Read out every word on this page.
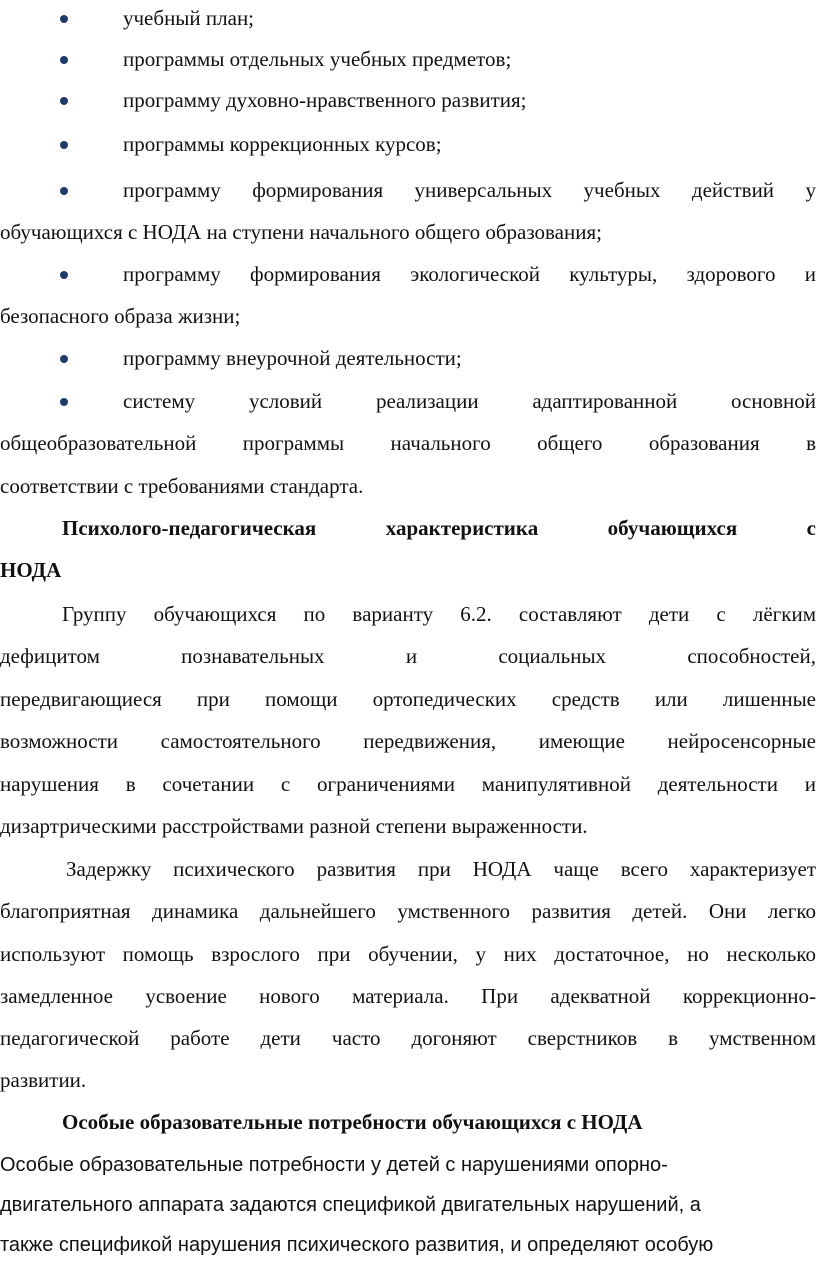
учебный план;
программы отдельных учебных предметов;
программу духовно-нравственного развития;
программы коррекционных курсов;
программу формирования универсальных учебных действий у
обучающихся с НОДА на ступени начального общего образования;
программу формирования экологической культуры, здорового и
безопасного образа жизни;
программу внеурочной деятельности;
систему условий реализации адаптированной основной
общеобразовательной программы начального общего образования в
соответствии с требованиями стандарта.
Психолого-педагогическая характеристика обучающихся с
НОДА
Группу обучающихся по варианту 6.2. составляют дети с лёгким
дефицитом познавательных и социальных способностей,
передвигающиеся при помощи ортопедических средств или лишенные
возможности самостоятельного передвижения, имеющие нейросенсорные
нарушения в сочетании с ограничениями манипулятивной деятельности и
дизартрическими расстройствами разной степени выраженности.
Задержку психического развития при НОДА чаще всего характеризует
благоприятная динамика дальнейшего умственного развития детей. Они легко
используют помощь взрослого при обучении, у них достаточное, но несколько
замедленное усвоение нового материала. При адекватной коррекционно-
педагогической работе дети часто догоняют сверстников в умственном
развитии.
Особые образовательные потребности обучающихся с НОДА
Особые образовательные потребности у детей с нарушениями опорно-
двигательного аппарата задаются спецификой двигательных нарушений, а
также спецификой нарушения психического развития, и определяют особую
